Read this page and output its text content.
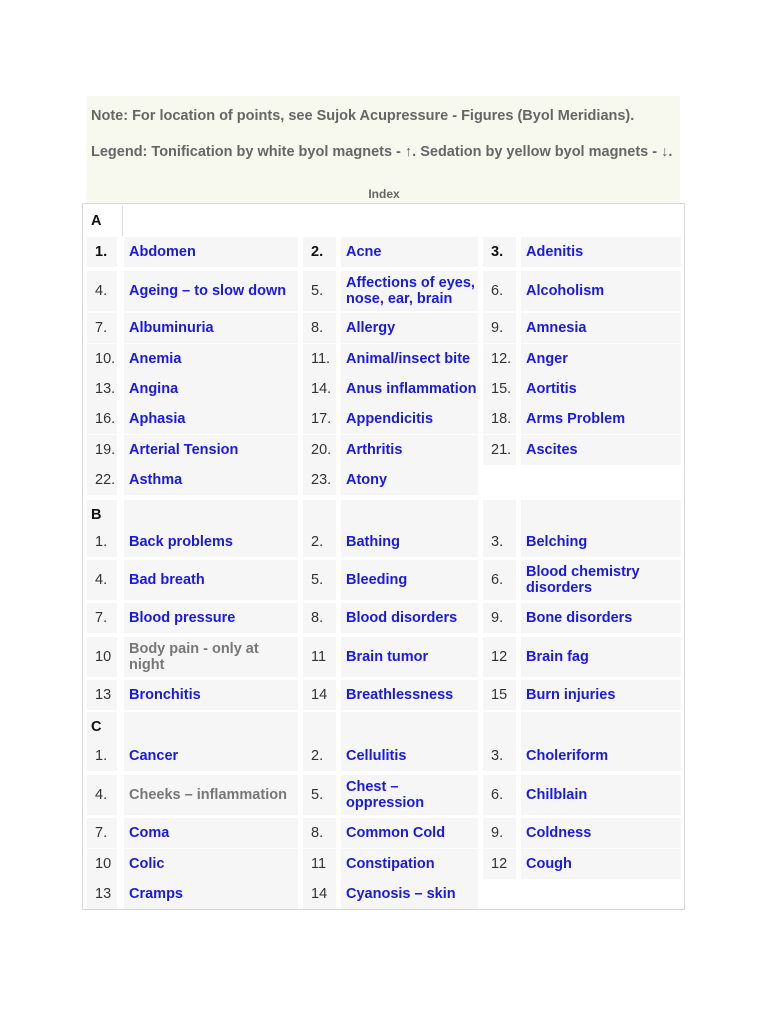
Note: For location of points, see Sujok Acupressure - Figures (Byol Meridians).

Legend: Tonification by white byol magnets - ↑. Sedation by yellow byol magnets - ↓.

Index
A
1.	Abdomen	2.	Acne	3.	Adenitis
4.	Ageing – to slow down	5.	Affections of eyes, nose, ear, brain	6.	Alcoholism
7.	Albuminuria	8.	Allergy	9.	Amnesia
10. Anemia	11.	Animal/insect bite	12.	Anger
13. Angina	14.	Anus inflammation 15.	Aortitis
16. Aphasia	17.	Appendicitis	18.	Arms Problem
19. Arterial Tension	20.	Arthritis	21.	Ascites
22. Asthma	23.	Atony
B
1.	Back problems	2.	Bathing	3.	Belching
4.	Bad breath	5.	Bleeding	6.	Blood chemistry disorders
7.	Blood pressure	8.	Blood disorders	9.	Bone disorders
10	Body pain - only at night	11	Brain tumor	12	Brain fag
13	Bronchitis	14	Breathlessness	15	Burn injuries
C
1.	Cancer	2.	Cellulitis	3.	Choleriform
4.	Cheeks – inflammation	5.	Chest – oppression	6.	Chilblain
7.	Coma	8.	Common Cold	9.	Coldness
10	Colic	11	Constipation	12	Cough
13	Cramps	14	Cyanosis – skin
